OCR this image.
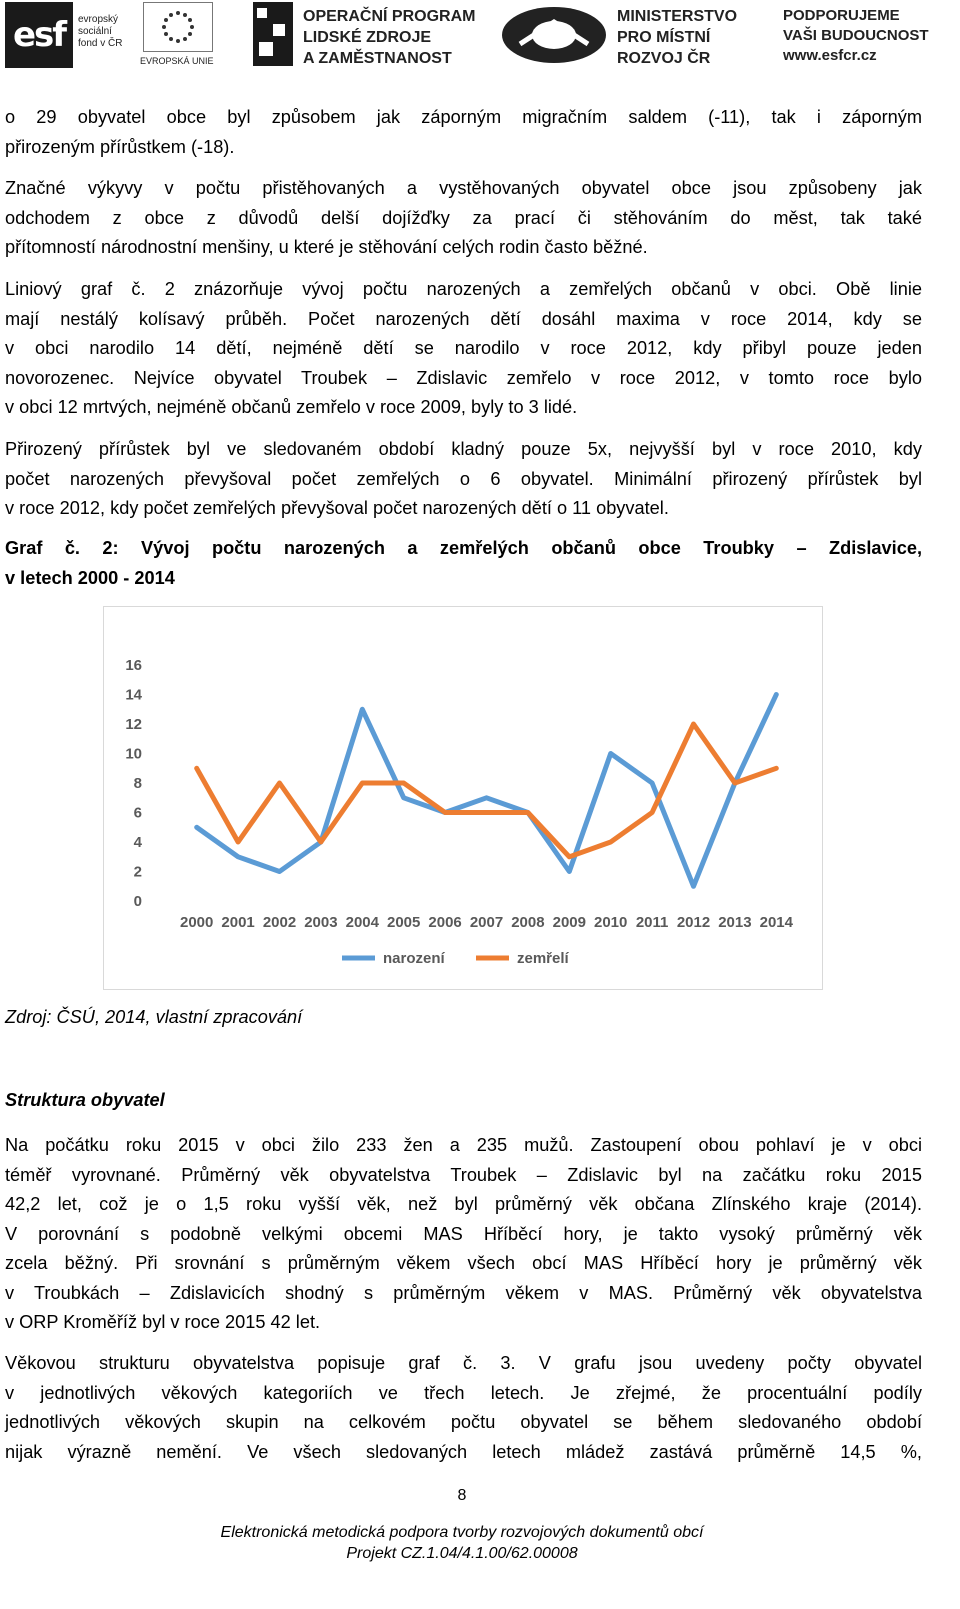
esf	evropský
sociální
fond v ČR
EVROPSKÁ UNIE
OPERAČNÍ PROGRAM
LIDSKÉ ZDROJE
A ZAMĚSTNANOST
MINISTERSTVO
PRO MÍSTNÍ
ROZVOJ ČR
PODPORUJEME
VAŠI BUDOUCNOST
www.esfcr.cz

o 29 obyvatel obce byl způsobem jak záporným migračním saldem (-11), tak i záporným
přirozeným přírůstkem (-18).

Značné výkyvy v počtu přistěhovaných a vystěhovaných obyvatel obce jsou způsobeny jak
odchodem z obce z důvodů delší dojížďky za prací či stěhováním do měst, tak také
přítomností národnostní menšiny, u které je stěhování celých rodin často běžné.

Liniový graf č. 2 znázorňuje vývoj počtu narozených a zemřelých občanů v obci. Obě linie
mají nestálý kolísavý průběh. Počet narozených dětí dosáhl maxima v roce 2014, kdy se
v obci narodilo 14 dětí, nejméně dětí se narodilo v roce 2012, kdy přibyl pouze jeden
novorozenec. Nejvíce obyvatel Troubek – Zdislavic zemřelo v roce 2012, v tomto roce bylo
v obci 12 mrtvých, nejméně občanů zemřelo v roce 2009, byly to 3 lidé.

Přirozený přírůstek byl ve sledovaném období kladný pouze 5x, nejvyšší byl v roce 2010, kdy
počet narozených převyšoval počet zemřelých o 6 obyvatel. Minimální přirozený přírůstek byl
v roce 2012, kdy počet zemřelých převyšoval počet narozených dětí o 11 obyvatel.

Graf č. 2: Vývoj počtu narozených a zemřelých občanů obce Troubky – Zdislavice,
v letech 2000 - 2014

0
2
4
6
8
10
12
14
16
2000 2001 2002 2003 2004 2005 2006 2007 2008 2009 2010 2011 2012 2013 2014
narození	zemřelí
Zdroj: ČSÚ, 2014, vlastní zpracování
Struktura obyvatel

Na počátku roku 2015 v obci žilo 233 žen a 235 mužů. Zastoupení obou pohlaví je v obci
téměř vyrovnané. Průměrný věk obyvatelstva Troubek – Zdislavic byl na začátku roku 2015
42,2 let, což je o 1,5 roku vyšší věk, než byl průměrný věk občana Zlínského kraje (2014).
V porovnání s podobně velkými obcemi MAS Hříběcí hory, je takto vysoký průměrný věk
zcela běžný. Při srovnání s průměrným věkem všech obcí MAS Hříběcí hory je průměrný věk
v Troubkách – Zdislavicích shodný s průměrným věkem v MAS. Průměrný věk obyvatelstva
v ORP Kroměříž byl v roce 2015 42 let.

Věkovou strukturu obyvatelstva popisuje graf č. 3. V grafu jsou uvedeny počty obyvatel
v jednotlivých věkových kategoriích ve třech letech. Je zřejmé, že procentuální podíly
jednotlivých věkových skupin na celkovém počtu obyvatel se během sledovaného období
nijak výrazně nemění. Ve všech sledovaných letech mládež zastává průměrně 14,5 %,

8
Elektronická metodická podpora tvorby rozvojových dokumentů obcí
Projekt CZ.1.04/4.1.00/62.00008
